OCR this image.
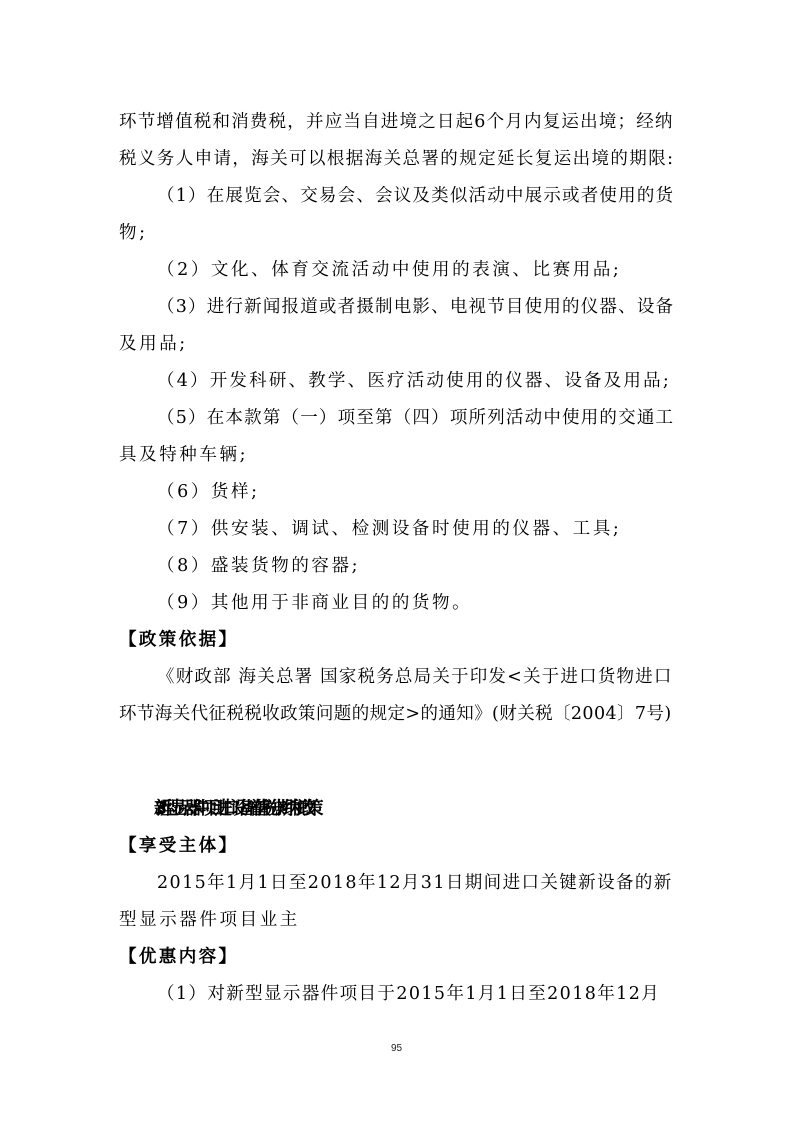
环节增值税和消费税，并应当自进境之日起6个月内复运出境；经纳
税义务人申请，海关可以根据海关总署的规定延长复运出境的期限:
（1）在展览会、交易会、会议及类似活动中展示或者使用的货
物;
（2）文化、体育交流活动中使用的表演、比赛用品;
（3）进行新闻报道或者摄制电影、电视节目使用的仪器、设备
及用品;
（4）开发科研、教学、医疗活动使用的仪器、设备及用品;
（5）在本款第（一）项至第（四）项所列活动中使用的交通工
具及特种车辆;
（6）货样;
（7）供安装、调试、检测设备时使用的仪器、工具;
（8）盛装货物的容器;
（9）其他用于非商业目的的货物。
【政策依据】
《财政部 海关总署 国家税务总局关于印发<关于进口货物进口
环节海关代征税税收政策问题的规定>的通知》(财关税〔2004〕7号)
3.新型显示器件项目进口设备增值税分期纳税政策
【享受主体】
2015年1月1日至2018年12月31日期间进口关键新设备的新
型显示器件项目业主
【优惠内容】
（1）对新型显示器件项目于2015年1月1日至2018年12月
95
